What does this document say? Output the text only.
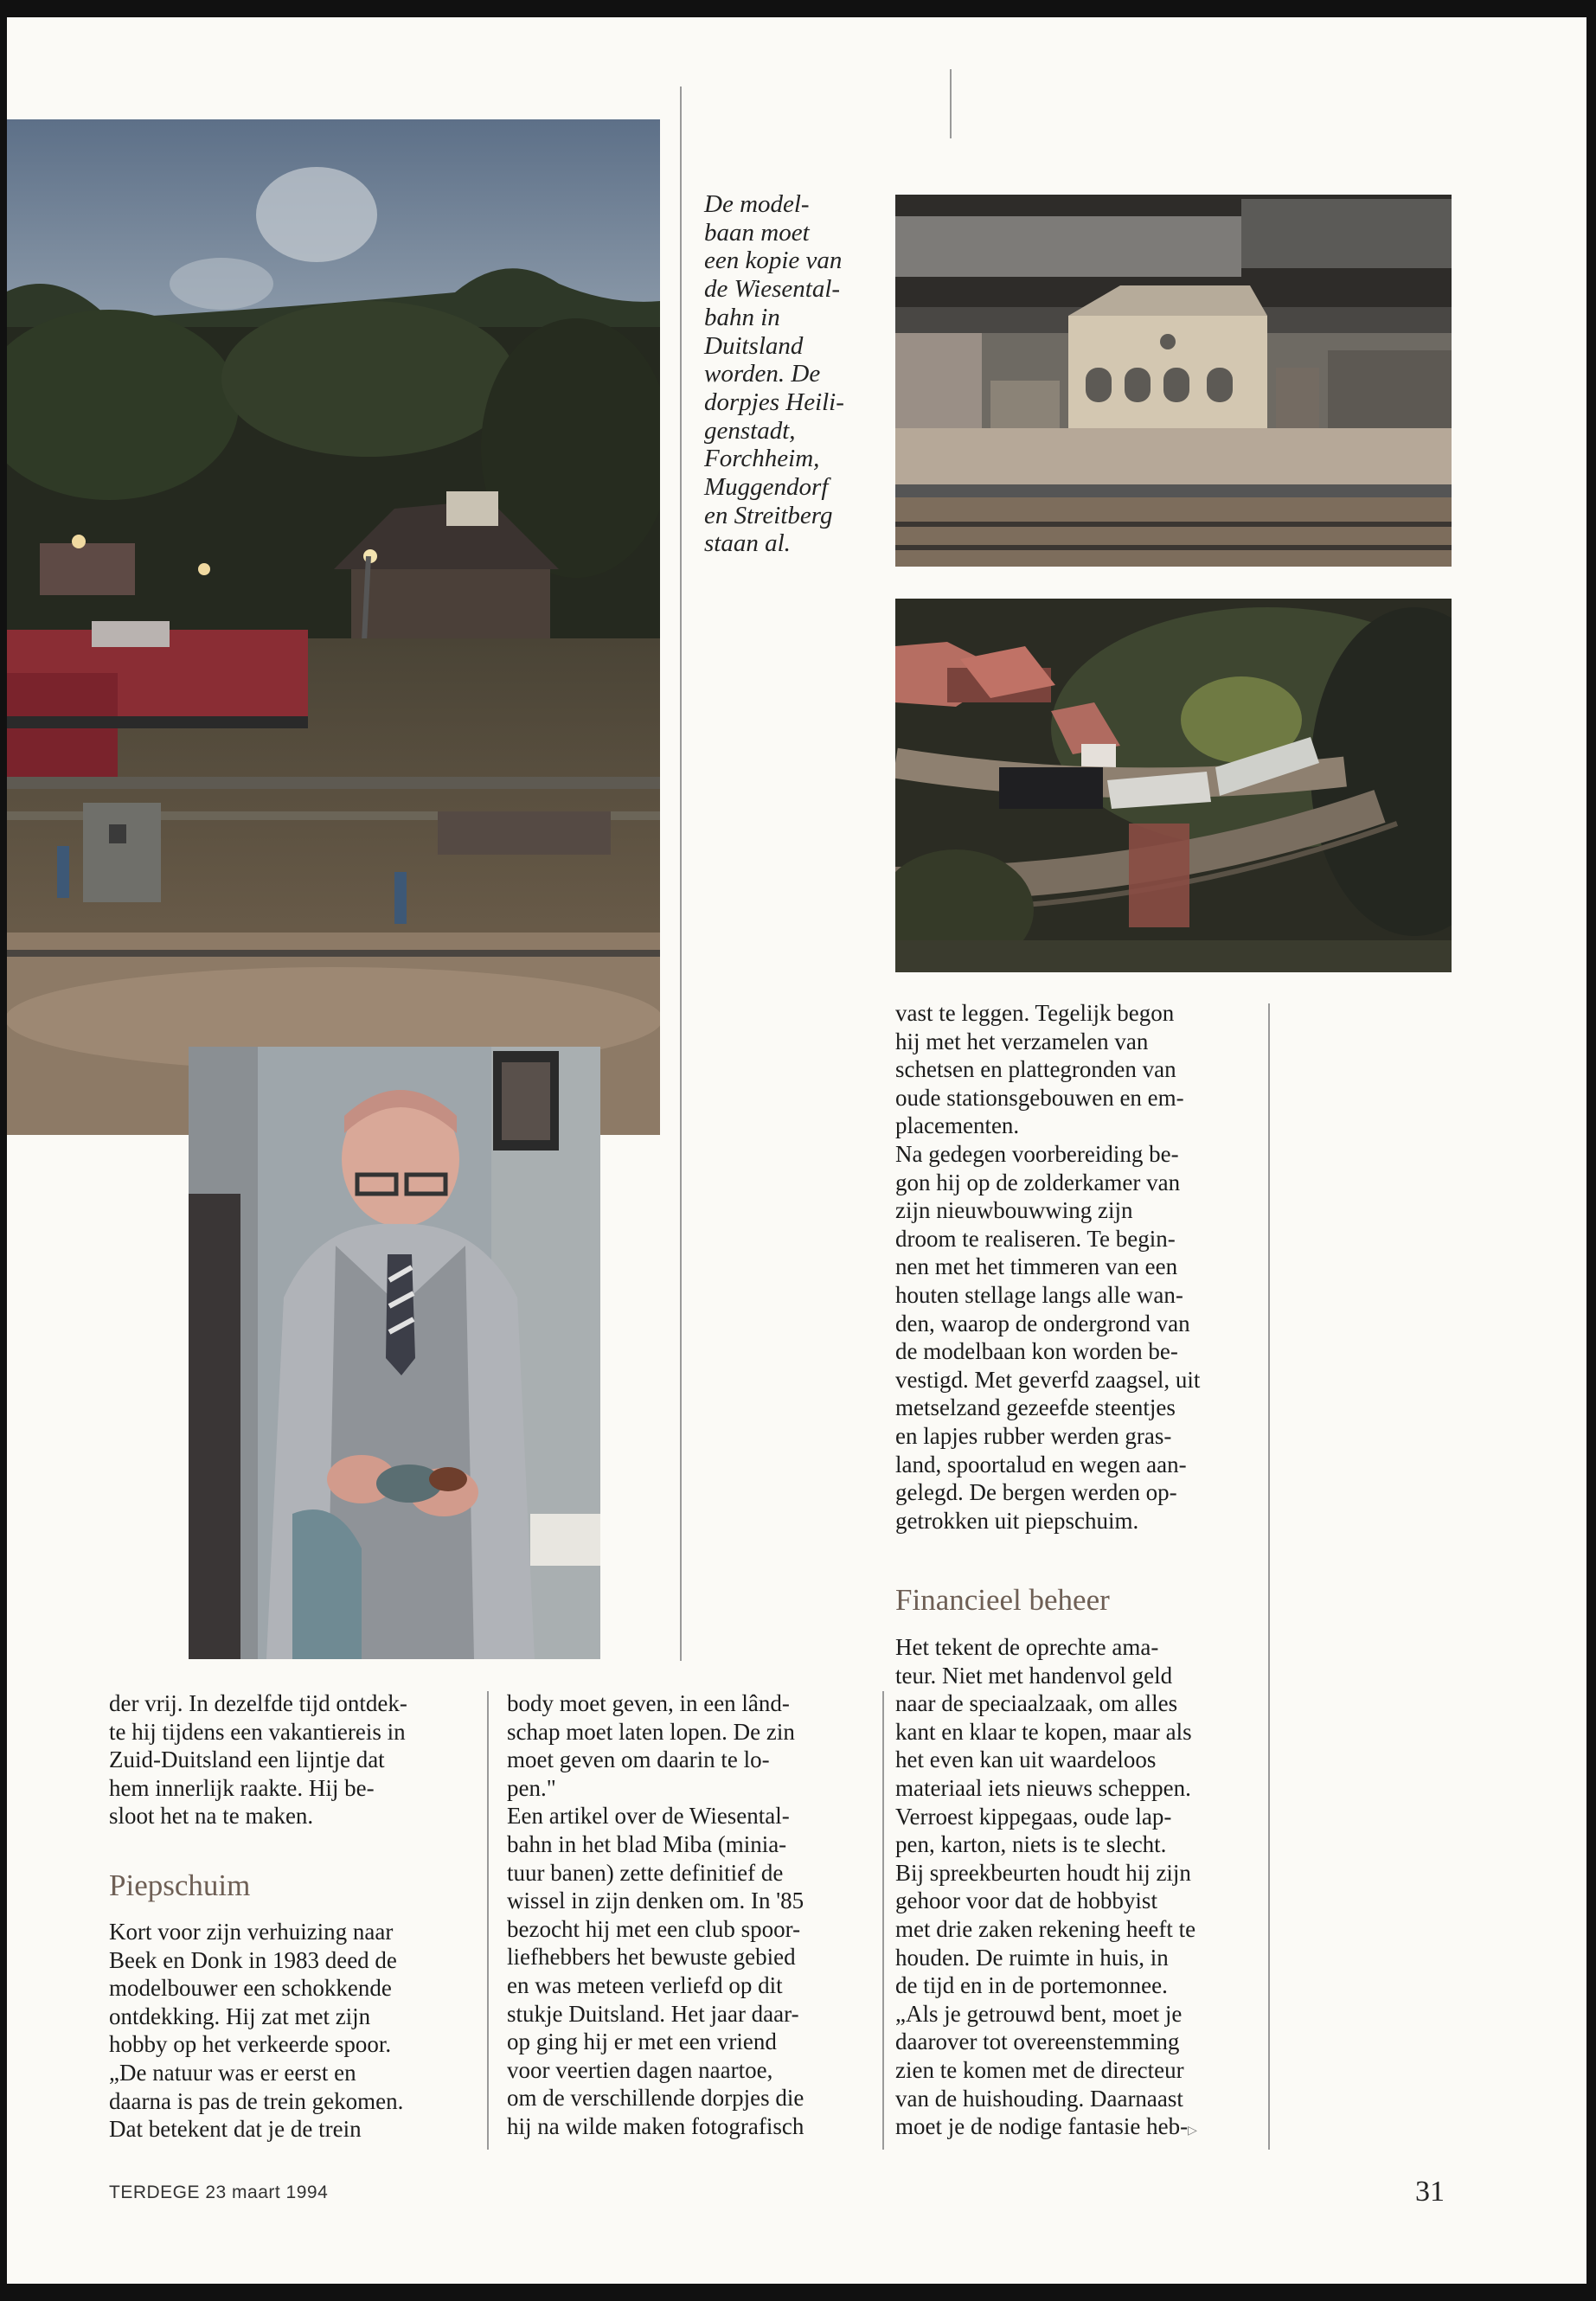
De model-
baan moet
een kopie van
de Wiesental-
bahn in
Duitsland
worden. De
dorpjes Heili-
genstadt,
Forchheim,
Muggendorf
en Streitberg
staan al.

vast te leggen. Tegelijk begon
hij met het verzamelen van
schetsen en plattegronden van
oude stationsgebouwen en em-
placementen.

Na gedegen voorbereiding be-
gon hij op de zolderkamer van
zijn nieuwbouwwing zijn
droom te realiseren. Te begin-
nen met het timmeren van een
houten stellage langs alle wan-
den, waarop de ondergrond van
de modelbaan kon worden be-
vestigd. Met geverfd zaagsel, uit
metselzand gezeefde steentjes
en lapjes rubber werden gras-
land, spoortalud en wegen aan-
gelegd. De bergen werden op-
getrokken uit piepschuim.

Financieel beheer

Het tekent de oprechte ama-
teur. Niet met handenvol geld
naar de speciaalzaak, om alles
kant en klaar te kopen, maar als
het even kan uit waardeloos
materiaal iets nieuws scheppen.
Verroest kippegaas, oude lap-
pen, karton, niets is te slecht.
Bij spreekbeurten houdt hij zijn
gehoor voor dat de hobbyist
met drie zaken rekening heeft te
houden. De ruimte in huis, in
de tijd en in de portemonnee.
„Als je getrouwd bent, moet je
daarover tot overeenstemming
zien te komen met de directeur
van de huishouding. Daarnaast
moet je de nodige fantasie heb-▷

der vrij. In dezelfde tijd ontdek-
te hij tijdens een vakantiereis in
Zuid-Duitsland een lijntje dat
hem innerlijk raakte. Hij be-
sloot het na te maken.

Piepschuim

Kort voor zijn verhuizing naar
Beek en Donk in 1983 deed de
modelbouwer een schokkende
ontdekking. Hij zat met zijn
hobby op het verkeerde spoor.
„De natuur was er eerst en
daarna is pas de trein gekomen.
Dat betekent dat je de trein

body moet geven, in een lând-
schap moet laten lopen. De zin
moet geven om daarin te lo-
pen."

Een artikel over de Wiesental-
bahn in het blad Miba (minia-
tuur banen) zette definitief de
wissel in zijn denken om. In '85
bezocht hij met een club spoor-
liefhebbers het bewuste gebied
en was meteen verliefd op dit
stukje Duitsland. Het jaar daar-
op ging hij er met een vriend
voor veertien dagen naartoe,
om de verschillende dorpjes die
hij na wilde maken fotografisch

TERDEGE 23 maart 1994	31
